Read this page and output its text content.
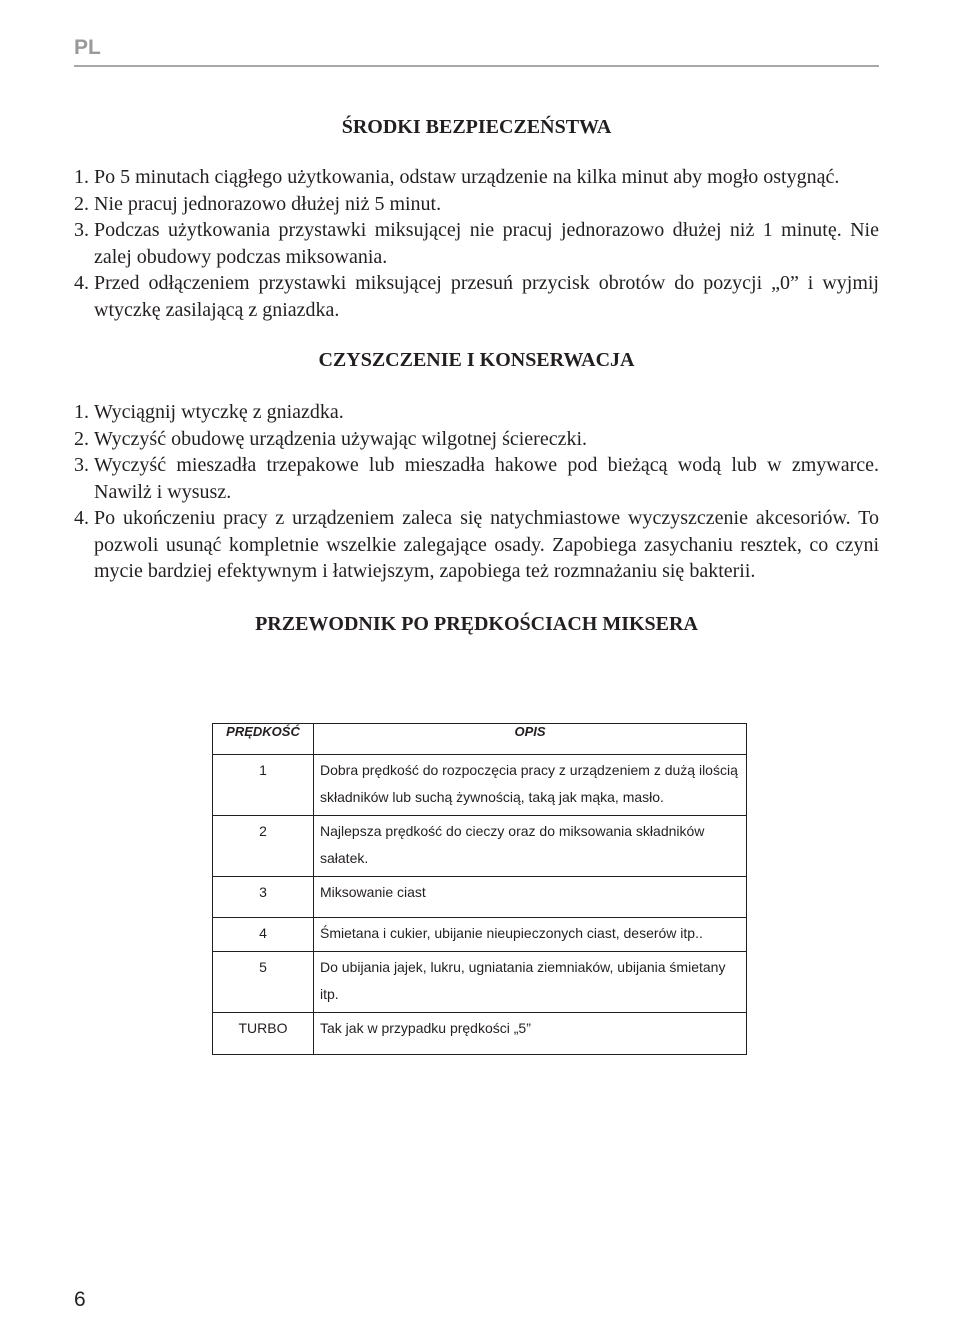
PL
ŚRODKI BEZPIECZEŃSTWA
1. Po 5 minutach ciągłego użytkowania, odstaw urządzenie na kilka minut aby mogło ostygnąć.
2. Nie pracuj jednorazowo dłużej niż 5 minut.
3. Podczas użytkowania przystawki miksującej nie pracuj jednorazowo dłużej niż 1 minutę. Nie zalej obudowy podczas miksowania.
4. Przed odłączeniem przystawki miksującej przesuń przycisk obrotów do pozycji „0” i wyjmij wtyczkę zasilającą z gniazdka.
CZYSZCZENIE I KONSERWACJA
1. Wyciągnij wtyczkę z gniazdka.
2. Wyczyść obudowę urządzenia używając wilgotnej ściereczki.
3. Wyczyść mieszadła trzepakowe lub mieszadła hakowe pod bieżącą wodą lub w zmywarce. Nawilż i wysusz.
4. Po ukończeniu pracy z urządzeniem zaleca się natychmiastowe wyczyszczenie akcesoriów. To pozwoli usunąć kompletnie wszelkie zalegające osady. Zapobiega zasychaniu resztek, co czyni mycie bardziej efektywnym i łatwiejszym, zapobiega też rozmnażaniu się bakterii.
PRZEWODNIK PO PRĘDKOŚCIACH MIKSERA
PRĘDKOŚĆ	OPIS
1	Dobra prędkość do rozpoczęcia pracy z urządzeniem z dużą ilością składników lub suchą żywnością, taką jak mąka, masło.
2	Najlepsza prędkość do cieczy oraz do miksowania składników sałatek.
3	Miksowanie ciast
4	Śmietana i cukier, ubijanie nieupieczonych ciast, deserów itp..
5	Do ubijania jajek, lukru, ugniatania ziemniaków, ubijania śmietany itp.
TURBO	Tak jak w przypadku prędkości „5”
6
